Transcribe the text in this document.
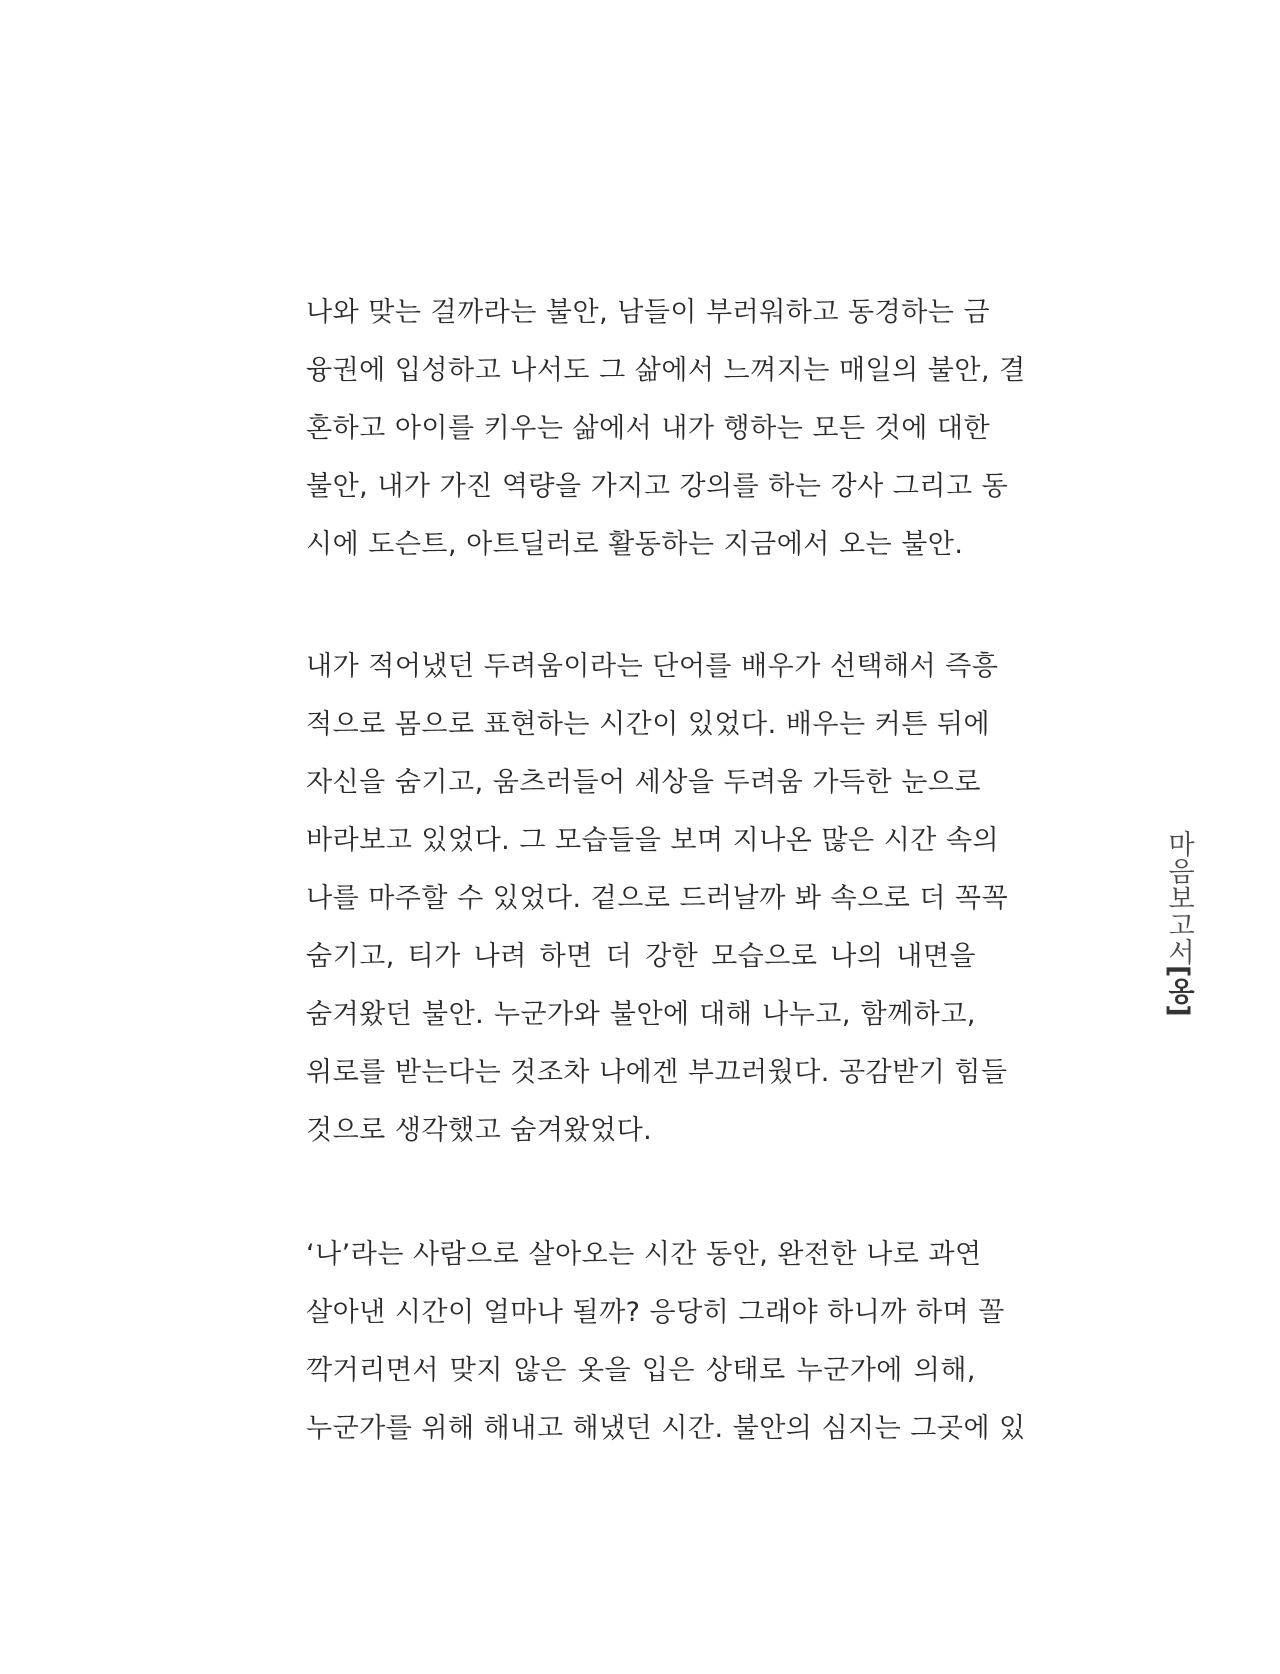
나와 맞는 걸까라는 불안, 남들이 부러워하고 동경하는 금
융권에 입성하고 나서도 그 삶에서 느껴지는 매일의 불안, 결
혼하고 아이를 키우는 삶에서 내가 행하는 모든 것에 대한
불안, 내가 가진 역량을 가지고 강의를 하는 강사 그리고 동
시에 도슨트, 아트딜러로 활동하는 지금에서 오는 불안.

내가 적어냈던 두려움이라는 단어를 배우가 선택해서 즉흥
적으로 몸으로 표현하는 시간이 있었다. 배우는 커튼 뒤에
자신을 숨기고, 움츠러들어 세상을 두려움 가득한 눈으로
바라보고 있었다. 그 모습들을 보며 지나온 많은 시간 속의
나를 마주할 수 있었다. 겉으로 드러날까 봐 속으로 더 꼭꼭
숨기고, 티가 나려 하면 더 강한 모습으로 나의 내면을
숨겨왔던 불안. 누군가와 불안에 대해 나누고, 함께하고,
위로를 받는다는 것조차 나에겐 부끄러웠다. 공감받기 힘들
것으로 생각했고 숨겨왔었다.

‘나’라는 사람으로 살아오는 시간 동안, 완전한 나로 과연
살아낸 시간이 얼마나 될까? 응당히 그래야 하니까 하며 꼴
깍거리면서 맞지 않은 옷을 입은 상태로 누군가에 의해,
누군가를 위해 해내고 해냈던 시간. 불안의 심지는 그곳에 있

마음보고서[옹]
